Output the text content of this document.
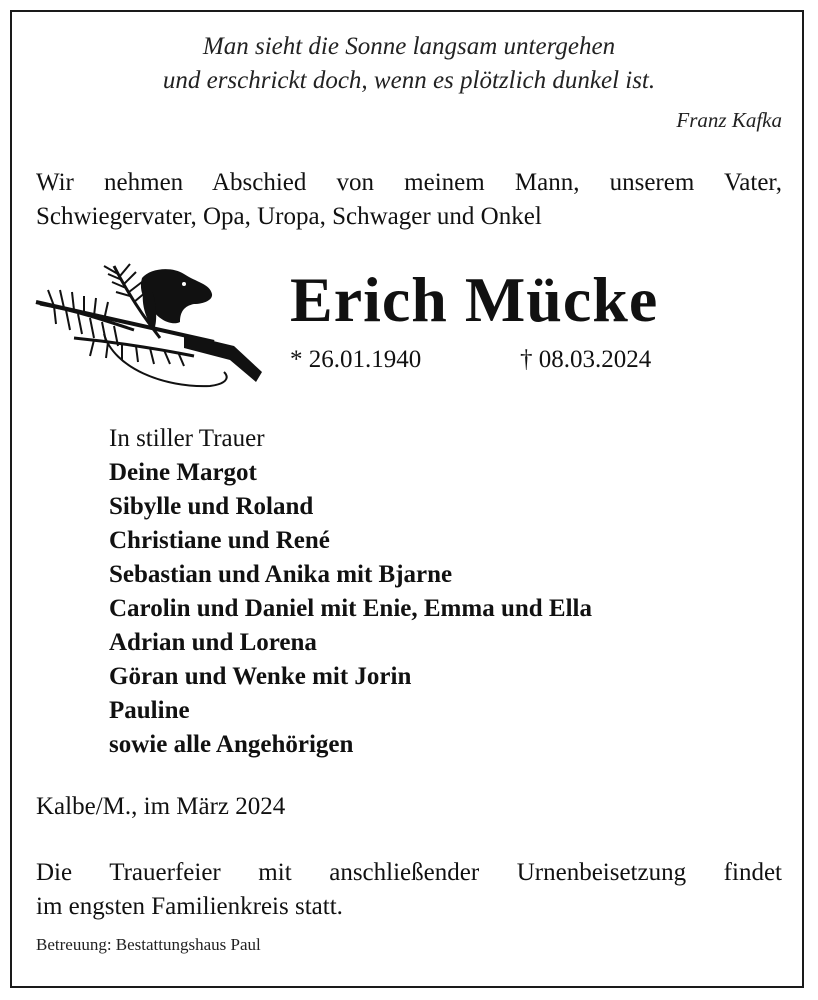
Man sieht die Sonne langsam untergehen
und erschrickt doch, wenn es plötzlich dunkel ist.
Franz Kafka
Wir nehmen Abschied von meinem Mann, unserem Vater,
Schwiegervater, Opa, Uropa, Schwager und Onkel
Erich Mücke
* 26.01.1940	† 08.03.2024
In stiller Trauer
Deine Margot
Sibylle und Roland
Christiane und René
Sebastian und Anika mit Bjarne
Carolin und Daniel mit Enie, Emma und Ella
Adrian und Lorena
Göran und Wenke mit Jorin
Pauline
sowie alle Angehörigen
Kalbe/M., im März 2024
Die Trauerfeier mit anschließender Urnenbeisetzung findet
im engsten Familienkreis statt.
Betreuung: Bestattungshaus Paul
